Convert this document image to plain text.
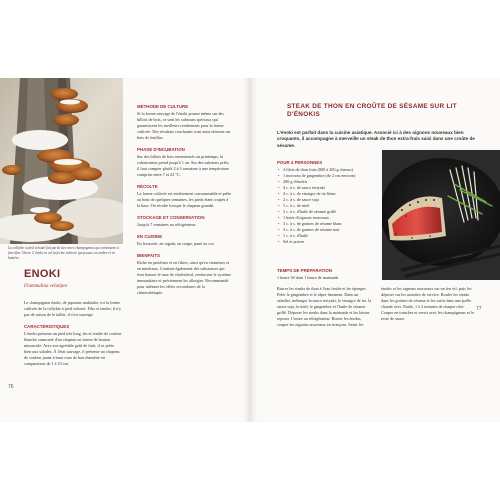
La collybie à pied velouté fait partie des rares champignons qui continuent à fructifier l'hiver. L'énoki en est la forme cultivée qui pousse en ombre et en lumière.

ENOKI

Flammulina velutipes

Le champignon énoki, de japonais mukitake, est la forme cultivée de la collybie à pied velouté. Fibo et tendre, il n'y pas de raison de le tailler, il s'est sauvage.

CARACTÉRISTIQUES

L'énoki présente un pied très long, fin et tendre de couleur blanche surmonté d'un chapeau en forme de bouton minuscule. Avec son agréable goût de fruit, il se prête bien aux salades. À l'état sauvage, il présente un chapeau de couleur jaune à brun roux de bon diamètre en comparaison de 1 à 10 cm.

MÉTHODE DE CULTURE

Si la forme sauvage de l'énoki pousse même sur des billots de bois, ce sont les substrats spéciaux qui garantissent les meilleurs rendements pour la forme cultivée. Des résultats concluants sont aussi obtenus sur bois de feuillus.

PHASE D'INCUBATION

Sur des billots de bois ensemencés au printemps, la colonisation prend jusqu'à 1 an. Sur des substrats prêts, il faut compter plutôt 2 à 3 semaines à une température comprise entre 7 et 22 °C.

RÉCOLTE

La forme cultivée est entièrement consommable et prête au bout de quelques semaines, les pieds étant coupés à la base. On récolte lorsque le chapeau grandit.

STOCKAGE ET CONSERVATION

Jusqu'à 7 semaines au réfrigérateur.

EN CUISINE

En fricassée, en ragoût, en soupe, pané ou cru.

BIENFAITS

Riche en protéines et en fibres, ainsi qu'en vitamines et en minéraux. Contient également des substances qui font baisser le taux de cholestérol, renforcent le système immunitaire et préviennent les allergies. Recommandé pour atténuer les effets secondaires de la chimiothérapie.

76
STEAK DE THON EN CROÛTE DE SÉSAME SUR LIT D'ÉNOKIS

L'énoki est parfait dans la cuisine asiatique. Associé ici à des oignons nouveaux bien croquants, il accompagne à merveille un steak de thon extra-frais saisi dans une croûte de sésame.

POUR 4 PERSONNES
• 4 filets de thon frais (800 à 200 g chacun)
• 1 morceau de gingembre (de 2 cm environ)
• 200 g d'énokis
• 4 c. à s. de sauce teriyaki
• 4 c. à s. de vinaigre de riz blanc
• 2 c. à s. de sauce soja
• 1 c. à c. de miel
• 2 c. à s. d'huile de sésame grillé
• 1 botte d'oignons nouveaux
• 3 c. à s. de graines de sésame blanc
• 3 c. à s. de graines de sésame noir
• 1 c. à s. d'huile
• Sel et poivre
TEMPS DE PRÉPARATION

1 heure 30 dont 1 heure de marinade.

Rincer les steaks de thon à l'eau froide et les éponger. Peler le gingembre et le râper finement. Dans un saladier, mélanger la sauce teriyaki, le vinaigre de riz, la sauce soja, le miel, le gingembre et l'huile de sésame grillé. Déposer les steaks dans la marinade et les laisser reposer 1 heure au réfrigérateur. Rincer les énokis, couper les oignons nouveaux en tronçons. Saisir les énokis et les oignons nouveaux sur un feu vif, puis les déposer sur les assiettes de service. Rouler les steaks dans les graines de sésame et les saisir dans une poêle chaude avec l'huile, 1 à 2 minutes de chaque côté. Couper en tranches et servir avec les champignons et le reste de sauce.

77
